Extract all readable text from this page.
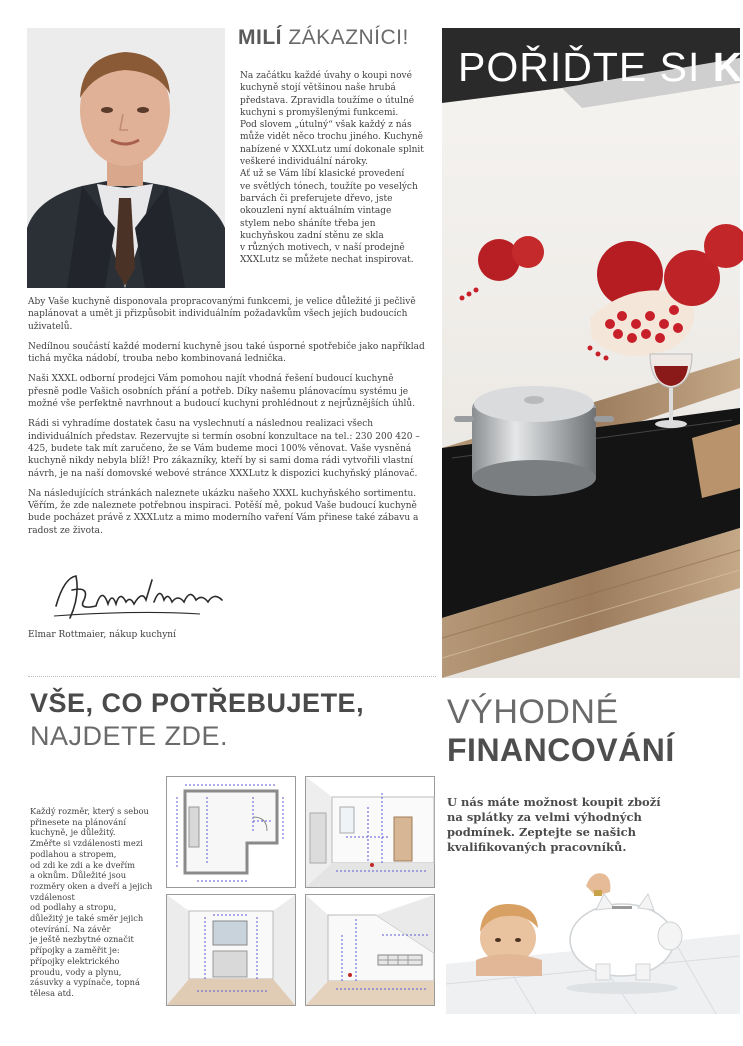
MILÍ ZÁKAZNÍCI!
Na začátku každé úvahy o koupi nové
kuchyně stojí většinou naše hrubá
představa. Zpravidla toužíme o útulné
kuchyni s promyšlenými funkcemi.
Pod slovem „útulný“ však každý z nás
může vidět něco trochu jiného. Kuchyně
nabízené v XXXLutz umí dokonale splnit
veškeré individuální nároky.
Ať už se Vám líbí klasické provedení
ve světlých tónech, toužíte po veselých
barvách či preferujete dřevo, jste
okouzleni nyní aktuálním vintage
stylem nebo sháníte třeba jen
kuchyňskou zadní stěnu ze skla
v různých motivech, v naší prodejně
XXXLutz se můžete nechat inspirovat.

Aby Vaše kuchyně disponovala propracovanými funkcemi, je velice důležité ji pečlivě naplánovat a umět ji přizpůsobit individuálním požadavkům všech jejích budoucích uživatelů.

Nedílnou součástí každé moderní kuchyně jsou také úsporné spotřebiče jako například tichá myčka nádobí, trouba nebo kombinovaná lednička.

Naši XXXL odborní prodejci Vám pomohou najít vhodná řešení budoucí kuchyně přesně podle Vašich osobních přání a potřeb. Díky našemu plánovacímu systému je možné vše perfektně navrhnout a budoucí kuchyni prohlédnout z nejrůznějších úhlů.

Rádi si vyhradíme dostatek času na vyslechnutí a následnou realizaci všech individuálních představ. Rezervujte si termín osobní konzultace na tel.: 230 200 420 – 425, budete tak mít zaručeno, že se Vám budeme moci 100% věnovat. Vaše vysněná kuchyně nikdy nebyla blíž! Pro zákazníky, kteří by si sami doma rádi vytvořili vlastní návrh, je na naší domovské webové stránce XXXLutz k dispozici kuchyňský plánovač.

Na následujících stránkách naleznete ukázku našeho XXXL kuchyňského sortimentu. Věřím, že zde naleznete potřebnou inspiraci. Potěší mě, pokud Vaše budoucí kuchyně bude pocházet právě z XXXLutz a mimo moderního vaření Vám přinese také zábavu a radost ze života.

Elmar Rottmaier, nákup kuchyní
POŘIĎTE SI K
VŠE, CO POTŘEBUJETE,
NAJDETE ZDE.
Každý rozměr, který s sebou
přinesete na plánování
kuchyně, je důležitý.
Změřte si vzdálenosti mezi
podlahou a stropem,
od zdi ke zdi a ke dveřím
a oknům. Důležité jsou
rozměry oken a dveří a jejich
vzdálenost
od podlahy a stropu,
důležitý je také směr jejich
otevírání. Na závěr
je ještě nezbytné označit
přípojky a zaměřit je:
přípojky elektrického
proudu, vody a plynu,
zásuvky a vypínače, topná
tělesa atd.
VÝHODNÉ
FINANCOVÁNÍ
U nás máte možnost koupit zboží
na splátky za velmi výhodných
podmínek. Zeptejte se našich
kvalifikovaných pracovníků.
